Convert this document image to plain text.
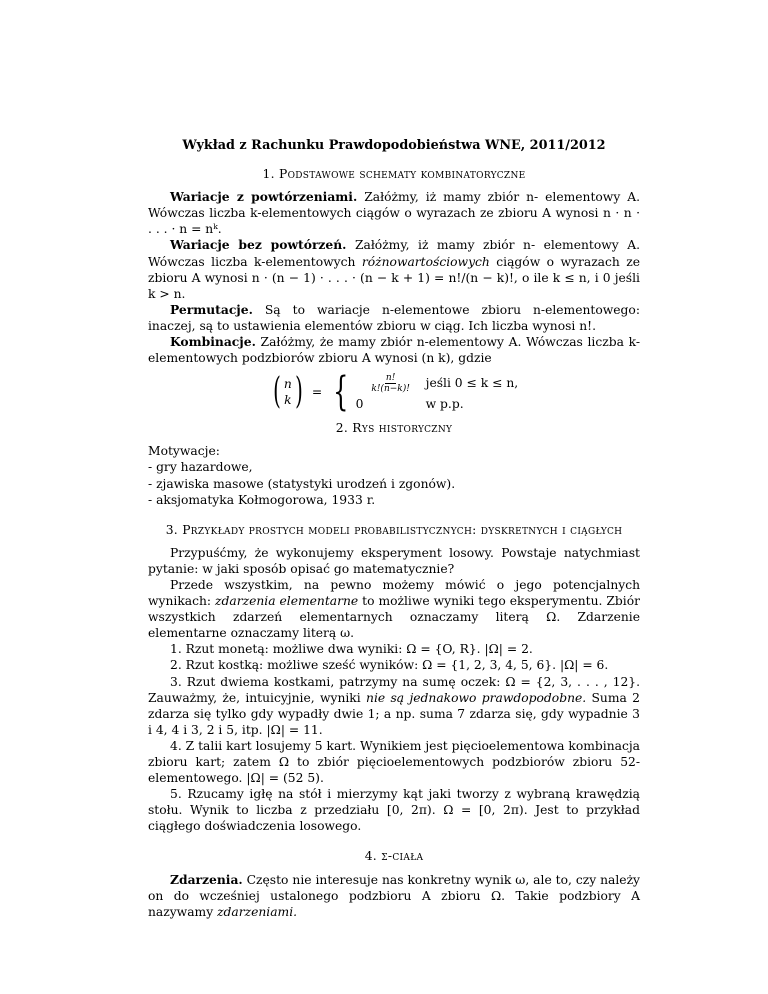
Wykład z Rachunku Prawdopodobieństwa WNE, 2011/2012
1. Podstawowe schematy kombinatoryczne

Wariacje z powtórzeniami. Załóżmy, iż mamy zbiór n- elementowy A. Wówczas liczba k-elementowych ciągów o wyrazach ze zbioru A wynosi n · n · . . . · n = nᵏ.

Wariacje bez powtórzeń. Załóżmy, iż mamy zbiór n- elementowy A. Wówczas liczba k-elementowych różnowartościowych ciągów o wyrazach ze zbioru A wynosi n · (n − 1) · . . . · (n − k + 1) = n!/(n − k)!, o ile k ≤ n, i 0 jeśli k > n.

Permutacje. Są to wariacje n-elementowe zbioru n-elementowego: inaczej, są to ustawienia elementów zbioru w ciąg. Ich liczba wynosi n!.

Kombinacje. Załóżmy, że mamy zbiór n-elementowy A. Wówczas liczba k-elementowych podzbiorów zbioru A wynosi (n k), gdzie

( n
k ) = { $\frac{n!}{k!(n-k)!}$ jeśli 0 ≤ k ≤ n,
0	w p.p.
2. Rys historyczny

Motywacje:

- gry hazardowe,

- zjawiska masowe (statystyki urodzeń i zgonów).

- aksjomatyka Kołmogorowa, 1933 r.

3. Przykłady prostych modeli probabilistycznych: dyskretnych i ciągłych

Przypuśćmy, że wykonujemy eksperyment losowy. Powstaje natychmiast pytanie: w jaki sposób opisać go matematycznie?

Przede wszystkim, na pewno możemy mówić o jego potencjalnych wynikach: zdarzenia elementarne to możliwe wyniki tego eksperymentu. Zbiór wszystkich zdarzeń elementarnych oznaczamy literą Ω. Zdarzenie elementarne oznaczamy literą ω.

1. Rzut monetą: możliwe dwa wyniki: Ω = {O, R}. |Ω| = 2.

2. Rzut kostką: możliwe sześć wyników: Ω = {1, 2, 3, 4, 5, 6}. |Ω| = 6.

3. Rzut dwiema kostkami, patrzymy na sumę oczek: Ω = {2, 3, . . . , 12}. Zauważmy, że, intuicyjnie, wyniki nie są jednakowo prawdopodobne. Suma 2 zdarza się tylko gdy wypadły dwie 1; a np. suma 7 zdarza się, gdy wypadnie 3 i 4, 4 i 3, 2 i 5, itp. |Ω| = 11.

4. Z talii kart losujemy 5 kart. Wynikiem jest pięcioelementowa kombinacja zbioru kart; zatem Ω to zbiór pięcioelementowych podzbiorów zbioru 52-elementowego. |Ω| = (52 5).

5. Rzucamy igłę na stół i mierzymy kąt jaki tworzy z wybraną krawędzią stołu. Wynik to liczba z przedziału [0, 2π). Ω = [0, 2π). Jest to przykład ciągłego doświadczenia losowego.

4. σ-ciała

Zdarzenia. Często nie interesuje nas konkretny wynik ω, ale to, czy należy on do wcześniej ustalonego podzbioru A zbioru Ω. Takie podzbiory A nazywamy zdarzeniami.
